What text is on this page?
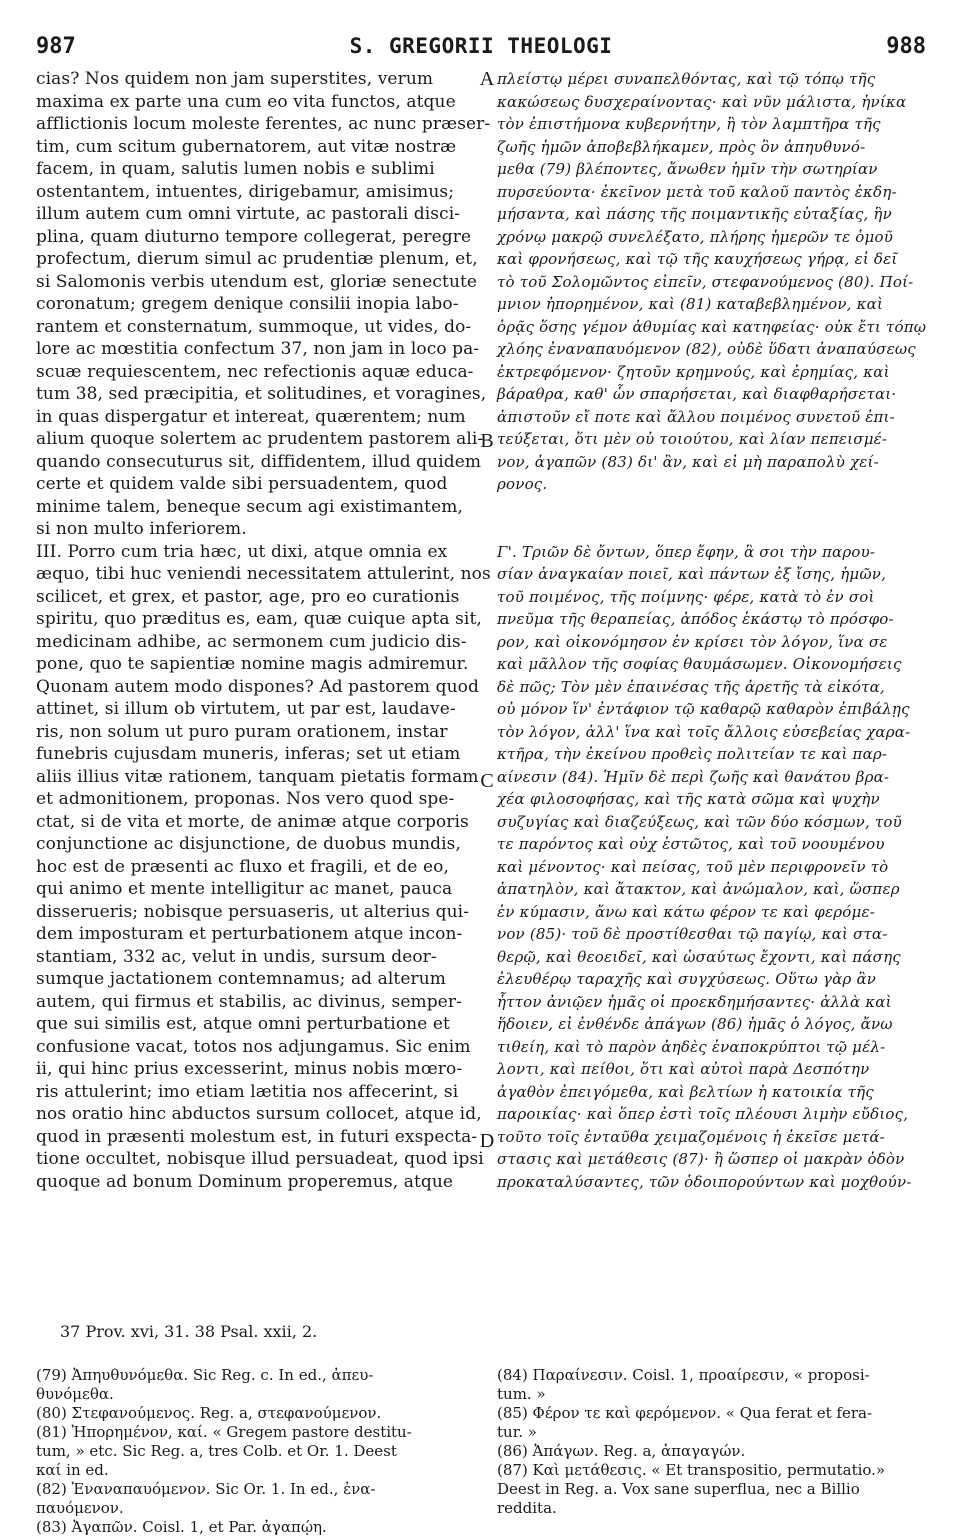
987	S. GREGORII THEOLOGI	988
cias? Nos quidem non jam superstites, verum
maxima ex parte una cum eo vita functos, atque
afflictionis locum moleste ferentes, ac nunc præser-
tim, cum scitum gubernatorem, aut vitæ nostræ
facem, in quam, salutis lumen nobis e sublimi
ostentantem, intuentes, dirigebamur, amisimus;
illum autem cum omni virtute, ac pastorali disci-
plina, quam diuturno tempore collegerat, peregre
profectum, dierum simul ac prudentiæ plenum, et,
si Salomonis verbis utendum est, gloriæ senectute
coronatum; gregem denique consilii inopia labo-
rantem et consternatum, summoque, ut vides, do-
lore ac mœstitia confectum 37, non jam in loco pa-
scuæ requiescentem, nec refectionis aquæ educa-
tum 38, sed præcipitia, et solitudines, et voragines,
in quas dispergatur et intereat, quærentem; num
alium quoque solertem ac prudentem pastorem ali-
quando consecuturus sit, diffidentem, illud quidem
certe et quidem valde sibi persuadentem, quod
minime talem, beneque secum agi existimantem,
si non multo inferiorem.
III. Porro cum tria hæc, ut dixi, atque omnia ex
æquo, tibi huc veniendi necessitatem attulerint, nos
scilicet, et grex, et pastor, age, pro eo curationis
spiritu, quo præditus es, eam, quæ cuique apta sit,
medicinam adhibe, ac sermonem cum judicio dis-
pone, quo te sapientiæ nomine magis admiremur.
Quonam autem modo dispones? Ad pastorem quod
attinet, si illum ob virtutem, ut par est, laudave-
ris, non solum ut puro puram orationem, instar
funebris cujusdam muneris, inferas; set ut etiam
aliis illius vitæ rationem, tanquam pietatis formam
et admonitionem, proponas. Nos vero quod spe-
ctat, si de vita et morte, de animæ atque corporis
conjunctione ac disjunctione, de duobus mundis,
hoc est de præsenti ac fluxo et fragili, et de eo,
qui animo et mente intelligitur ac manet, pauca
disserueris; nobisque persuaseris, ut alterius qui-
dem imposturam et perturbationem atque incon-
stantiam, 332 ac, velut in undis, sursum deor-
sumque jactationem contemnamus; ad alterum
autem, qui firmus et stabilis, ac divinus, semper-
que sui similis est, atque omni perturbatione et
confusione vacat, totos nos adjungamus. Sic enim
ii, qui hinc prius excesserint, minus nobis mœro-
ris attulerint; imo etiam lætitia nos affecerint, si
nos oratio hinc abductos sursum collocet, atque id,
quod in præsenti molestum est, in futuri exspecta-
tione occultet, nobisque illud persuadeat, quod ipsi
quoque ad bonum Dominum properemus, atque
πλείστῳ μέρει συναπελθόντας, καὶ τῷ τόπῳ τῆς
κακώσεως δυσχεραίνοντας· καὶ νῦν μάλιστα, ἡνίκα
τὸν ἐπιστήμονα κυβερνήτην, ἢ τὸν λαμπτῆρα τῆς
ζωῆς ἡμῶν ἀποβεβλήκαμεν, πρὸς ὃν ἀπηυθυνό-
μεθα (79) βλέποντες, ἄνωθεν ἡμῖν τὴν σωτηρίαν
πυρσεύοντα· ἐκεῖνον μετὰ τοῦ καλοῦ παντὸς ἐκδη-
μήσαντα, καὶ πάσης τῆς ποιμαντικῆς εὐταξίας, ἣν
χρόνῳ μακρῷ συνελέξατο, πλήρης ἡμερῶν τε ὁμοῦ
καὶ φρονήσεως, καὶ τῷ τῆς καυχήσεως γήρᾳ, εἰ δεῖ
τὸ τοῦ Σολομῶντος εἰπεῖν, στεφανούμενος (80). Ποί-
μνιον ἠπορημένον, καὶ (81) καταβεβλημένον, καὶ
ὁρᾷς ὅσης γέμον ἀθυμίας καὶ κατηφείας· οὐκ ἔτι τόπῳ
χλόης ἐναναπαυόμενον (82), οὐδὲ ὕδατι ἀναπαύσεως
ἐκτρεφόμενον· ζητοῦν κρημνούς, καὶ ἐρημίας, καὶ
βάραθρα, καθ' ὧν σπαρήσεται, καὶ διαφθαρήσεται·
ἀπιστοῦν εἴ ποτε καὶ ἄλλου ποιμένος συνετοῦ ἐπι-
τεύξεται, ὅτι μὲν οὐ τοιούτου, καὶ λίαν πεπεισμέ-
νον, ἀγαπῶν (83) δι' ἂν, καὶ εἰ μὴ παραπολὺ χεί-
ρονος.
Γ'. Τριῶν δὲ ὄντων, ὅπερ ἔφην, ἃ σοι τὴν παρου-
σίαν ἀναγκαίαν ποιεῖ, καὶ πάντων ἐξ ἴσης, ἡμῶν,
τοῦ ποιμένος, τῆς ποίμνης· φέρε, κατὰ τὸ ἐν σοὶ
πνεῦμα τῆς θεραπείας, ἀπόδος ἑκάστῳ τὸ πρόσφο-
ρον, καὶ οἰκονόμησον ἐν κρίσει τὸν λόγον, ἵνα σε
καὶ μᾶλλον τῆς σοφίας θαυμάσωμεν. Οἰκονομήσεις
δὲ πῶς; Τὸν μὲν ἐπαινέσας τῆς ἀρετῆς τὰ εἰκότα,
οὐ μόνον ἵν' ἐντάφιον τῷ καθαρῷ καθαρὸν ἐπιβάλῃς
τὸν λόγον, ἀλλ' ἵνα καὶ τοῖς ἄλλοις εὐσεβείας χαρα-
κτῆρα, τὴν ἐκείνου προθεὶς πολιτείαν τε καὶ παρ-
αίνεσιν (84). Ἡμῖν δὲ περὶ ζωῆς καὶ θανάτου βρα-
χέα φιλοσοφήσας, καὶ τῆς κατὰ σῶμα καὶ ψυχὴν
συζυγίας καὶ διαζεύξεως, καὶ τῶν δύο κόσμων, τοῦ
τε παρόντος καὶ οὐχ ἑστῶτος, καὶ τοῦ νοουμένου
καὶ μένοντος· καὶ πείσας, τοῦ μὲν περιφρονεῖν τὸ
ἀπατηλὸν, καὶ ἄτακτον, καὶ ἀνώμαλον, καὶ, ὥσπερ
ἐν κύμασιν, ἄνω καὶ κάτω φέρον τε καὶ φερόμε-
νον (85)· τοῦ δὲ προστίθεσθαι τῷ παγίῳ, καὶ στα-
θερῷ, καὶ θεοειδεῖ, καὶ ὡσαύτως ἔχοντι, καὶ πάσης
ἐλευθέρῳ ταραχῆς καὶ συγχύσεως. Οὕτω γὰρ ἂν
ἧττον ἀνιῷεν ἡμᾶς οἱ προεκδημήσαντες· ἀλλὰ καὶ
ἥδοιεν, εἰ ἐνθένδε ἀπάγων (86) ἡμᾶς ὁ λόγος, ἄνω
τιθείη, καὶ τὸ παρὸν ἀηδὲς ἐναποκρύπτοι τῷ μέλ-
λοντι, καὶ πείθοι, ὅτι καὶ αὐτοὶ παρὰ Δεσπότην
ἀγαθὸν ἐπειγόμεθα, καὶ βελτίων ἡ κατοικία τῆς
παροικίας· καὶ ὅπερ ἐστὶ τοῖς πλέουσι λιμὴν εὔδιος,
τοῦτο τοῖς ἐνταῦθα χειμαζομένοις ἡ ἐκεῖσε μετά-
στασις καὶ μετάθεσις (87)· ἢ ὥσπερ οἱ μακρὰν ὁδὸν
προκαταλύσαντες, τῶν ὁδοιπορούντων καὶ μοχθούν-
A
B
C
D
37 Prov. xvi, 31. 38 Psal. xxii, 2.
(79) Ἀπηυθυνόμεθα. Sic Reg. c. In ed., ἀπευ-
θυνόμεθα.
(80) Στεφανούμενος. Reg. a, στεφανούμενον.
(81) Ἠπορημένον, καί. « Gregem pastore destitu-
tum, » etc. Sic Reg. a, tres Colb. et Or. 1. Deest
καί in ed.
(82) Ἐναναπαυόμενον. Sic Or. 1. In ed., ἐνα-
παυόμενον.
(83) Ἀγαπῶν. Coisl. 1, et Par. ἀγαπῴη.
(84) Παραίνεσιν. Coisl. 1, προαίρεσιν, « proposi-
tum. »
(85) Φέρον τε καὶ φερόμενον. « Qua ferat et fera-
tur. »
(86) Ἀπάγων. Reg. a, ἀπαγαγών.
(87) Καὶ μετάθεσις. « Et transpositio, permutatio.»
Deest in Reg. a. Vox sane superflua, nec a Billio
reddita.
